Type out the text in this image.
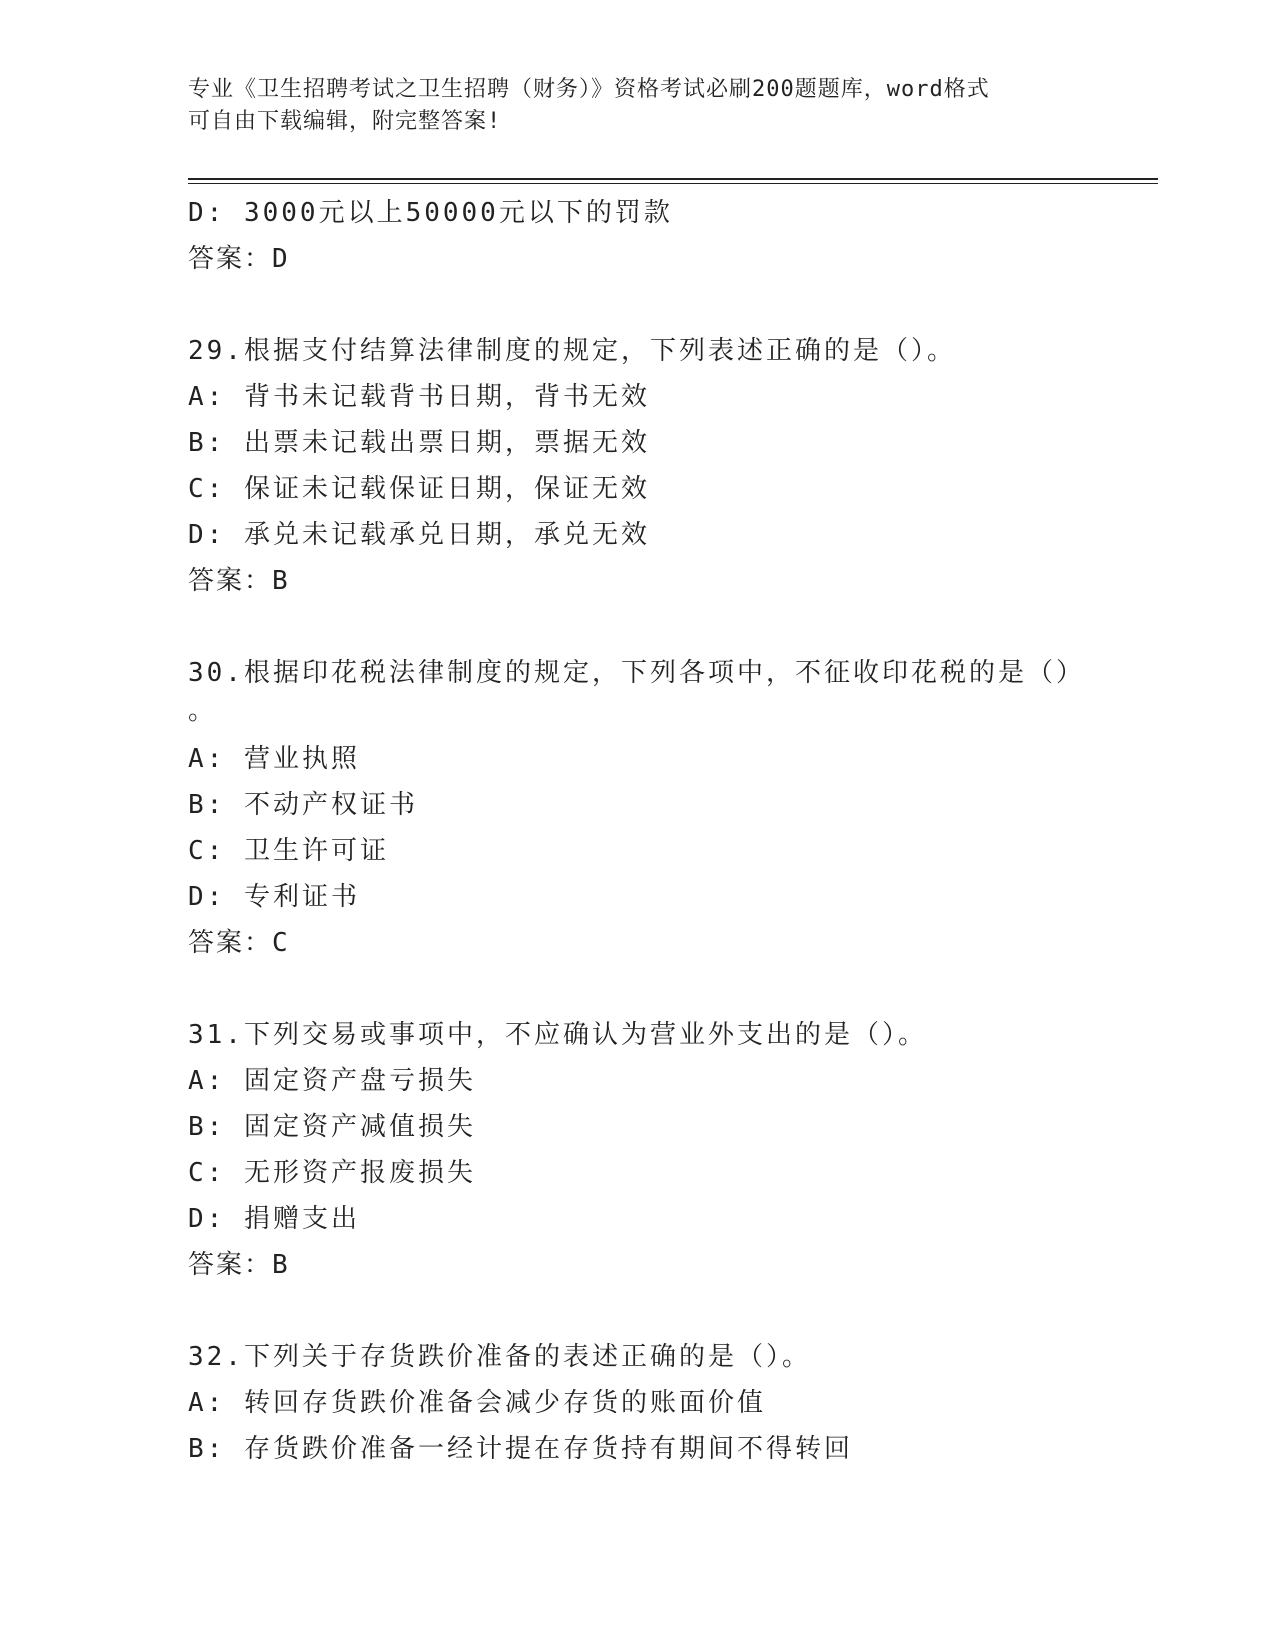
专业《卫生招聘考试之卫生招聘（财务）》资格考试必刷200题题库，word格式
可自由下载编辑，附完整答案!
D: 3000元以上50000元以下的罚款
答案：D
29.根据支付结算法律制度的规定，下列表述正确的是（）。
A: 背书未记载背书日期，背书无效
B: 出票未记载出票日期，票据无效
C: 保证未记载保证日期，保证无效
D: 承兑未记载承兑日期，承兑无效
答案：B
30.根据印花税法律制度的规定，下列各项中，不征收印花税的是（）
。
A: 营业执照
B: 不动产权证书
C: 卫生许可证
D: 专利证书
答案：C
31.下列交易或事项中，不应确认为营业外支出的是（）。
A: 固定资产盘亏损失
B: 固定资产减值损失
C: 无形资产报废损失
D: 捐赠支出
答案：B
32.下列关于存货跌价准备的表述正确的是（）。
A: 转回存货跌价准备会减少存货的账面价值
B: 存货跌价准备一经计提在存货持有期间不得转回
